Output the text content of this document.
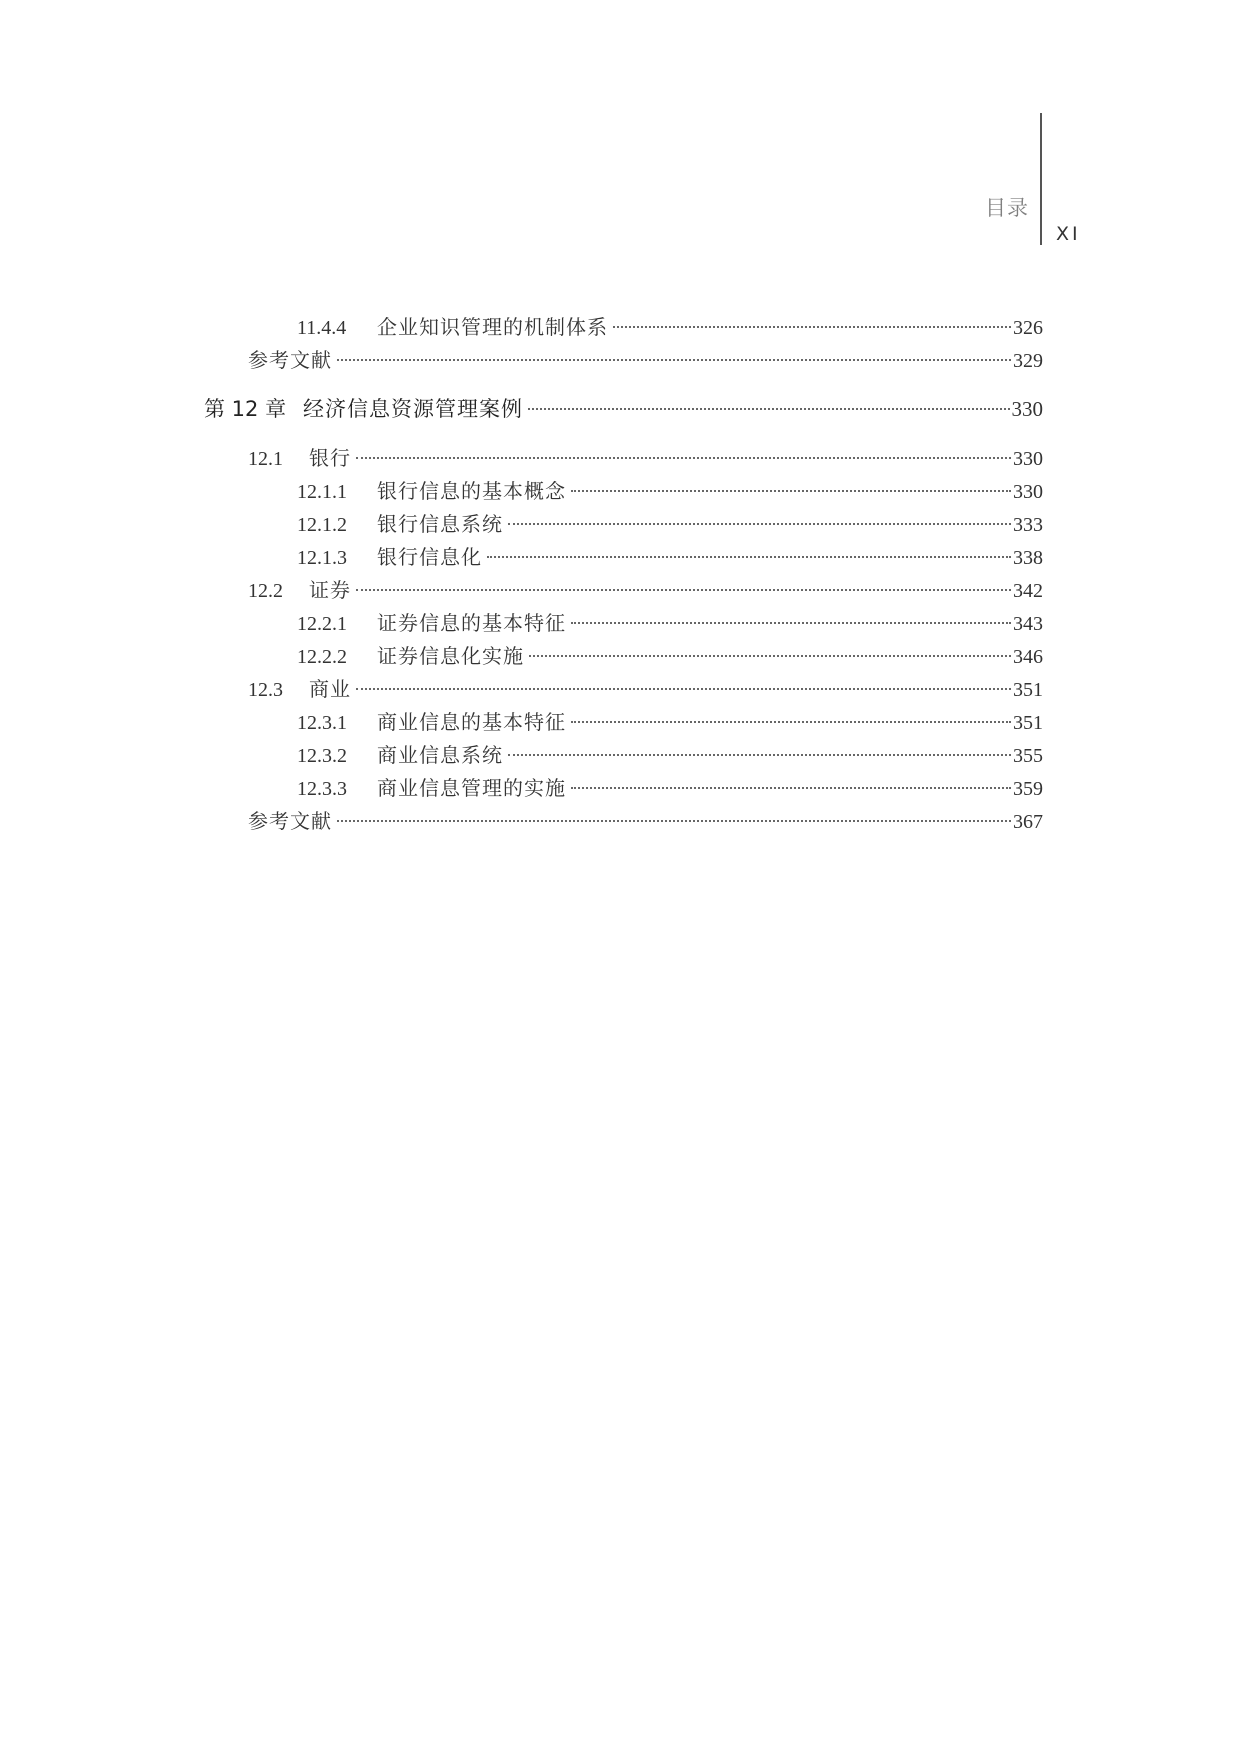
目录
XI
11.4.4	企业知识管理的机制体系	326
参考文献	329
第 12 章 经济信息资源管理案例	330
12.1	银行	330
12.1.1	银行信息的基本概念	330
12.1.2	银行信息系统	333
12.1.3	银行信息化	338
12.2	证券	342
12.2.1	证券信息的基本特征	343
12.2.2	证券信息化实施	346
12.3	商业	351
12.3.1	商业信息的基本特征	351
12.3.2	商业信息系统	355
12.3.3	商业信息管理的实施	359
参考文献	367
